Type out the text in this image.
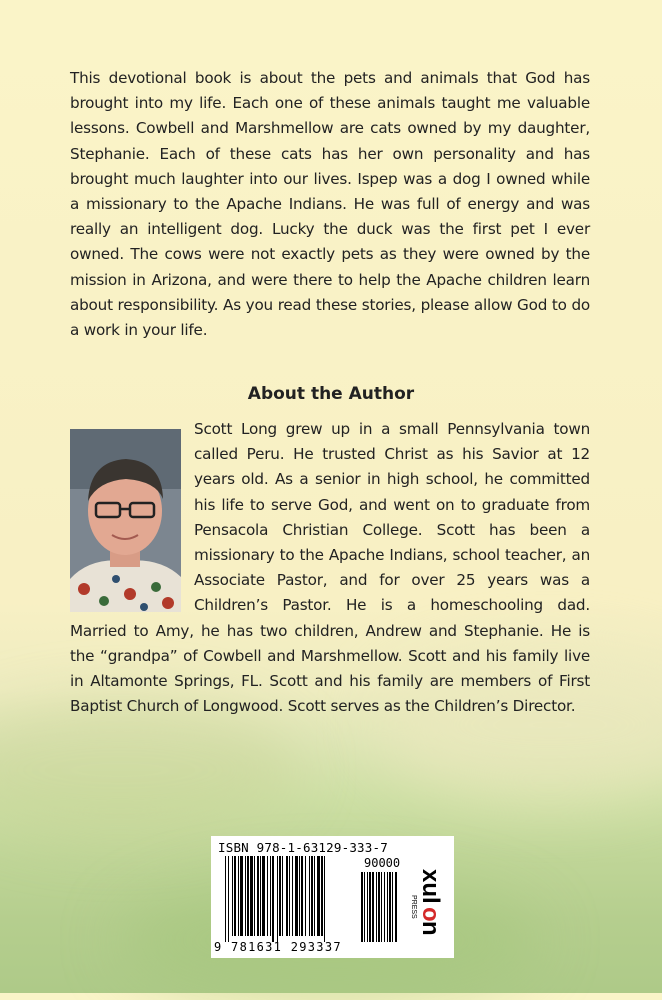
This devotional book is about the pets and animals that God has brought into my life. Each one of these animals taught me valuable lessons. Cowbell and Marshmellow are cats owned by my daughter, Stephanie. Each of these cats has her own personality and has brought much laughter into our lives. Ispep was a dog I owned while a missionary to the Apache Indians. He was full of energy and was really an intelligent dog. Lucky the duck was the first pet I ever owned. The cows were not exactly pets as they were owned by the mission in Arizona, and were there to help the Apache children learn about responsibility. As you read these stories, please allow God to do a work in your life.

About the Author

Scott Long grew up in a small Pennsylvania town called Peru. He trusted Christ as his Savior at 12 years old. As a senior in high school, he committed his life to serve God, and went on to graduate from Pensacola Christian College. Scott has been a missionary to the Apache Indians, school teacher, an Associate Pastor, and for over 25 years was a Children’s Pastor. He is a homeschooling dad. Married to Amy, he has two children, Andrew and Stephanie. He is the “grandpa” of Cowbell and Marshmellow. Scott and his family live in Altamonte Springs, FL. Scott and his family are members of First Baptist Church of Longwood. Scott serves as the Children’s Director.

ISBN 978-1-63129-333-7
90000
9 781631 293337
xul
o
n
PRESS
